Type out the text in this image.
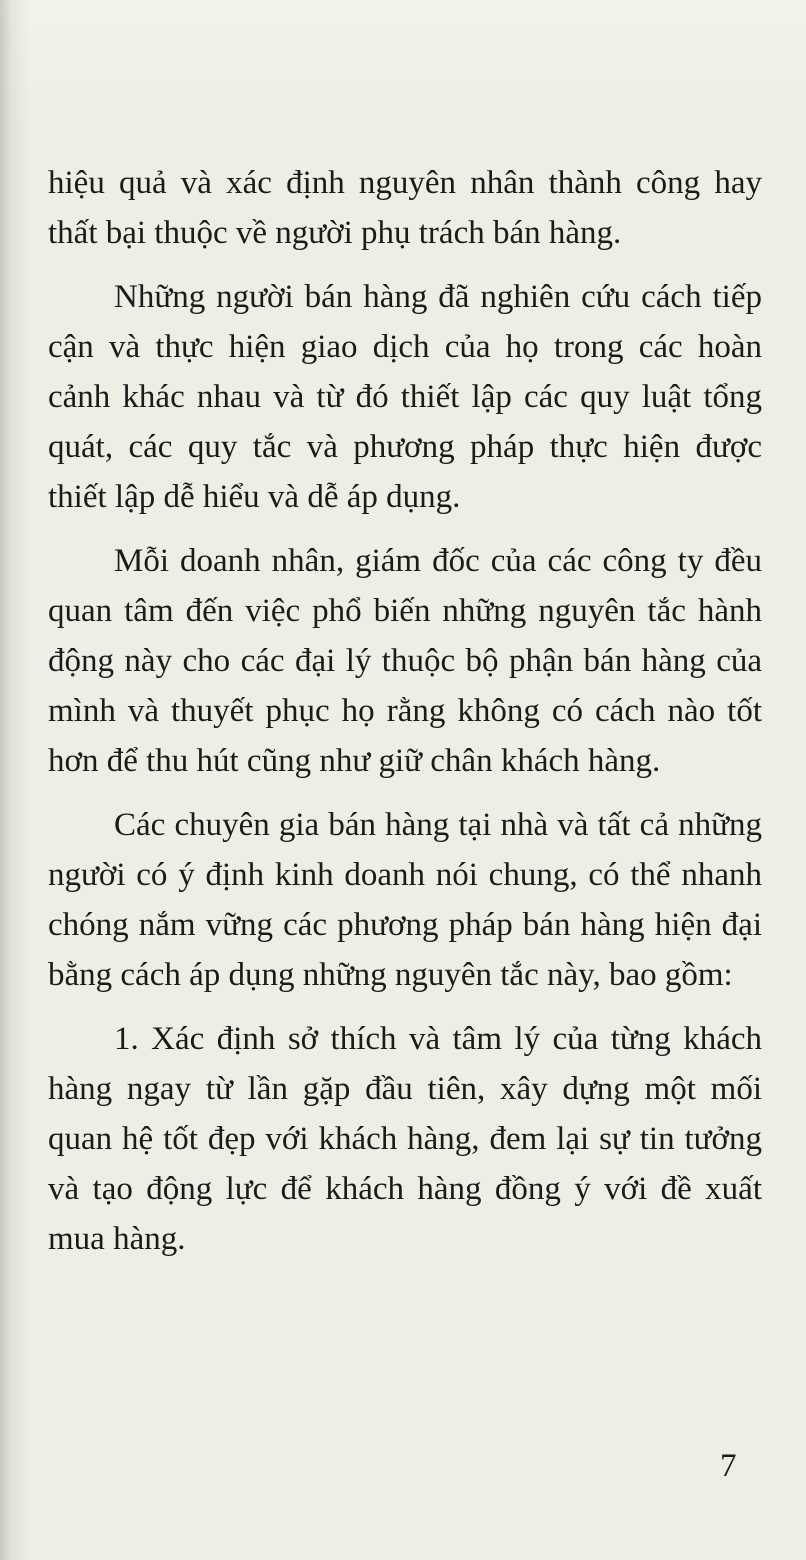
hiệu quả và xác định nguyên nhân thành công hay thất bại thuộc về người phụ trách bán hàng.

Những người bán hàng đã nghiên cứu cách tiếp cận và thực hiện giao dịch của họ trong các hoàn cảnh khác nhau và từ đó thiết lập các quy luật tổng quát, các quy tắc và phương pháp thực hiện được thiết lập dễ hiểu và dễ áp dụng.

Mỗi doanh nhân, giám đốc của các công ty đều quan tâm đến việc phổ biến những nguyên tắc hành động này cho các đại lý thuộc bộ phận bán hàng của mình và thuyết phục họ rằng không có cách nào tốt hơn để thu hút cũng như giữ chân khách hàng.

Các chuyên gia bán hàng tại nhà và tất cả những người có ý định kinh doanh nói chung, có thể nhanh chóng nắm vững các phương pháp bán hàng hiện đại bằng cách áp dụng những nguyên tắc này, bao gồm:

1. Xác định sở thích và tâm lý của từng khách hàng ngay từ lần gặp đầu tiên, xây dựng một mối quan hệ tốt đẹp với khách hàng, đem lại sự tin tưởng và tạo động lực để khách hàng đồng ý với đề xuất mua hàng.

7
